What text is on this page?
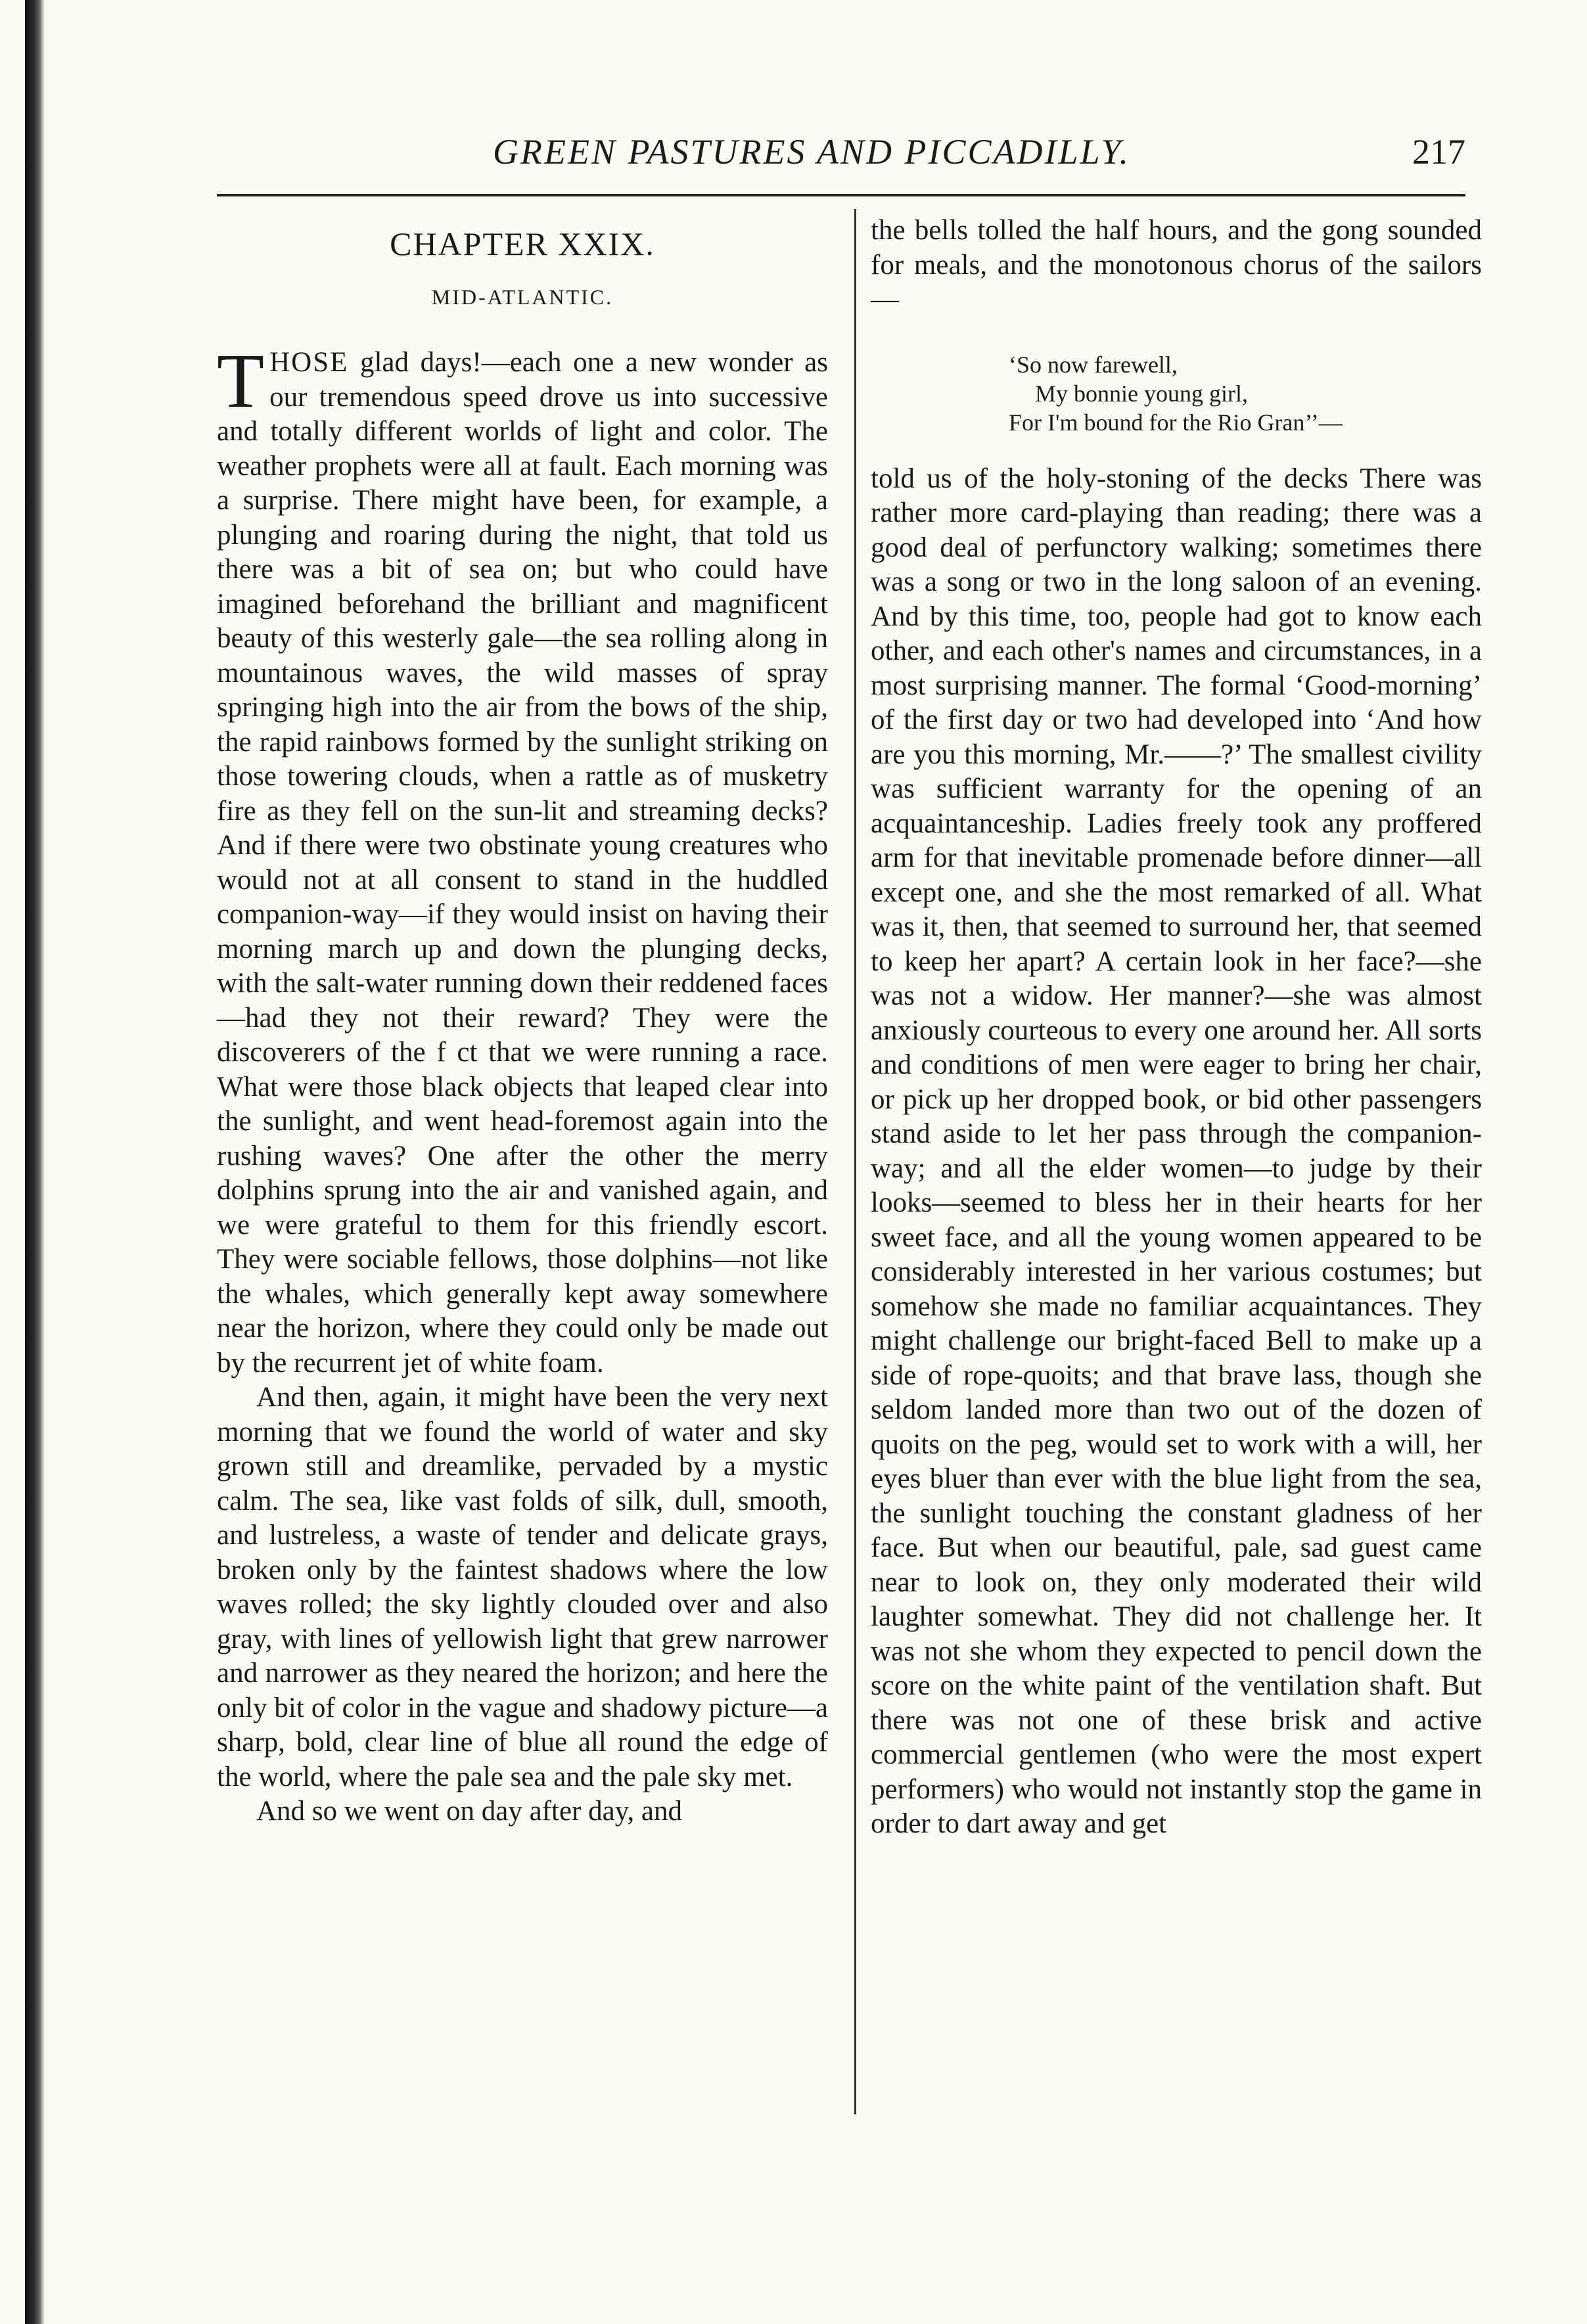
GREEN PASTURES AND PICCADILLY.	217
CHAPTER XXIX.
MID-ATLANTIC.

THOSE glad days!—each one a new wonder as our tremendous speed drove us into successive and totally different worlds of light and color. The weather prophets were all at fault. Each morning was a surprise. There might have been, for example, a plunging and roaring during the night, that told us there was a bit of sea on; but who could have imagined beforehand the brilliant and magnificent beauty of this westerly gale—the sea rolling along in mountainous waves, the wild masses of spray springing high into the air from the bows of the ship, the rapid rainbows formed by the sunlight striking on those towering clouds, when a rattle as of musketry fire as they fell on the sun-lit and streaming decks? And if there were two obstinate young creatures who would not at all consent to stand in the huddled companion-way—if they would insist on having their morning march up and down the plunging decks, with the salt-water running down their reddened faces—had they not their reward? They were the discoverers of the f ct that we were running a race. What were those black objects that leaped clear into the sunlight, and went head-foremost again into the rushing waves? One after the other the merry dolphins sprung into the air and vanished again, and we were grateful to them for this friendly escort. They were sociable fellows, those dolphins—not like the whales, which generally kept away somewhere near the horizon, where they could only be made out by the recurrent jet of white foam.

And then, again, it might have been the very next morning that we found the world of water and sky grown still and dreamlike, pervaded by a mystic calm. The sea, like vast folds of silk, dull, smooth, and lustreless, a waste of tender and delicate grays, broken only by the faintest shadows where the low waves rolled; the sky lightly clouded over and also gray, with lines of yellowish light that grew narrower and narrower as they neared the horizon; and here the only bit of color in the vague and shadowy picture—a sharp, bold, clear line of blue all round the edge of the world, where the pale sea and the pale sky met.

And so we went on day after day, and

the bells tolled the half hours, and the gong sounded for meals, and the monotonous chorus of the sailors—

‘So now farewell,
My bonnie young girl,
For I'm bound for the Rio Gran’’—

told us of the holy-stoning of the decks There was rather more card-playing than reading; there was a good deal of perfunctory walking; sometimes there was a song or two in the long saloon of an evening. And by this time, too, people had got to know each other, and each other's names and circumstances, in a most surprising manner. The formal ‘Good-morning’ of the first day or two had developed into ‘And how are you this morning, Mr.——?’ The smallest civility was sufficient warranty for the opening of an acquaintanceship. Ladies freely took any proffered arm for that inevitable promenade before dinner—all except one, and she the most remarked of all. What was it, then, that seemed to surround her, that seemed to keep her apart? A certain look in her face?—she was not a widow. Her manner?—she was almost anxiously courteous to every one around her. All sorts and conditions of men were eager to bring her chair, or pick up her dropped book, or bid other passengers stand aside to let her pass through the companion-way; and all the elder women—to judge by their looks—seemed to bless her in their hearts for her sweet face, and all the young women appeared to be considerably interested in her various costumes; but somehow she made no familiar acquaintances. They might challenge our bright-faced Bell to make up a side of rope-quoits; and that brave lass, though she seldom landed more than two out of the dozen of quoits on the peg, would set to work with a will, her eyes bluer than ever with the blue light from the sea, the sunlight touching the constant gladness of her face. But when our beautiful, pale, sad guest came near to look on, they only moderated their wild laughter somewhat. They did not challenge her. It was not she whom they expected to pencil down the score on the white paint of the ventilation shaft. But there was not one of these brisk and active commercial gentlemen (who were the most expert performers) who would not instantly stop the game in order to dart away and get
